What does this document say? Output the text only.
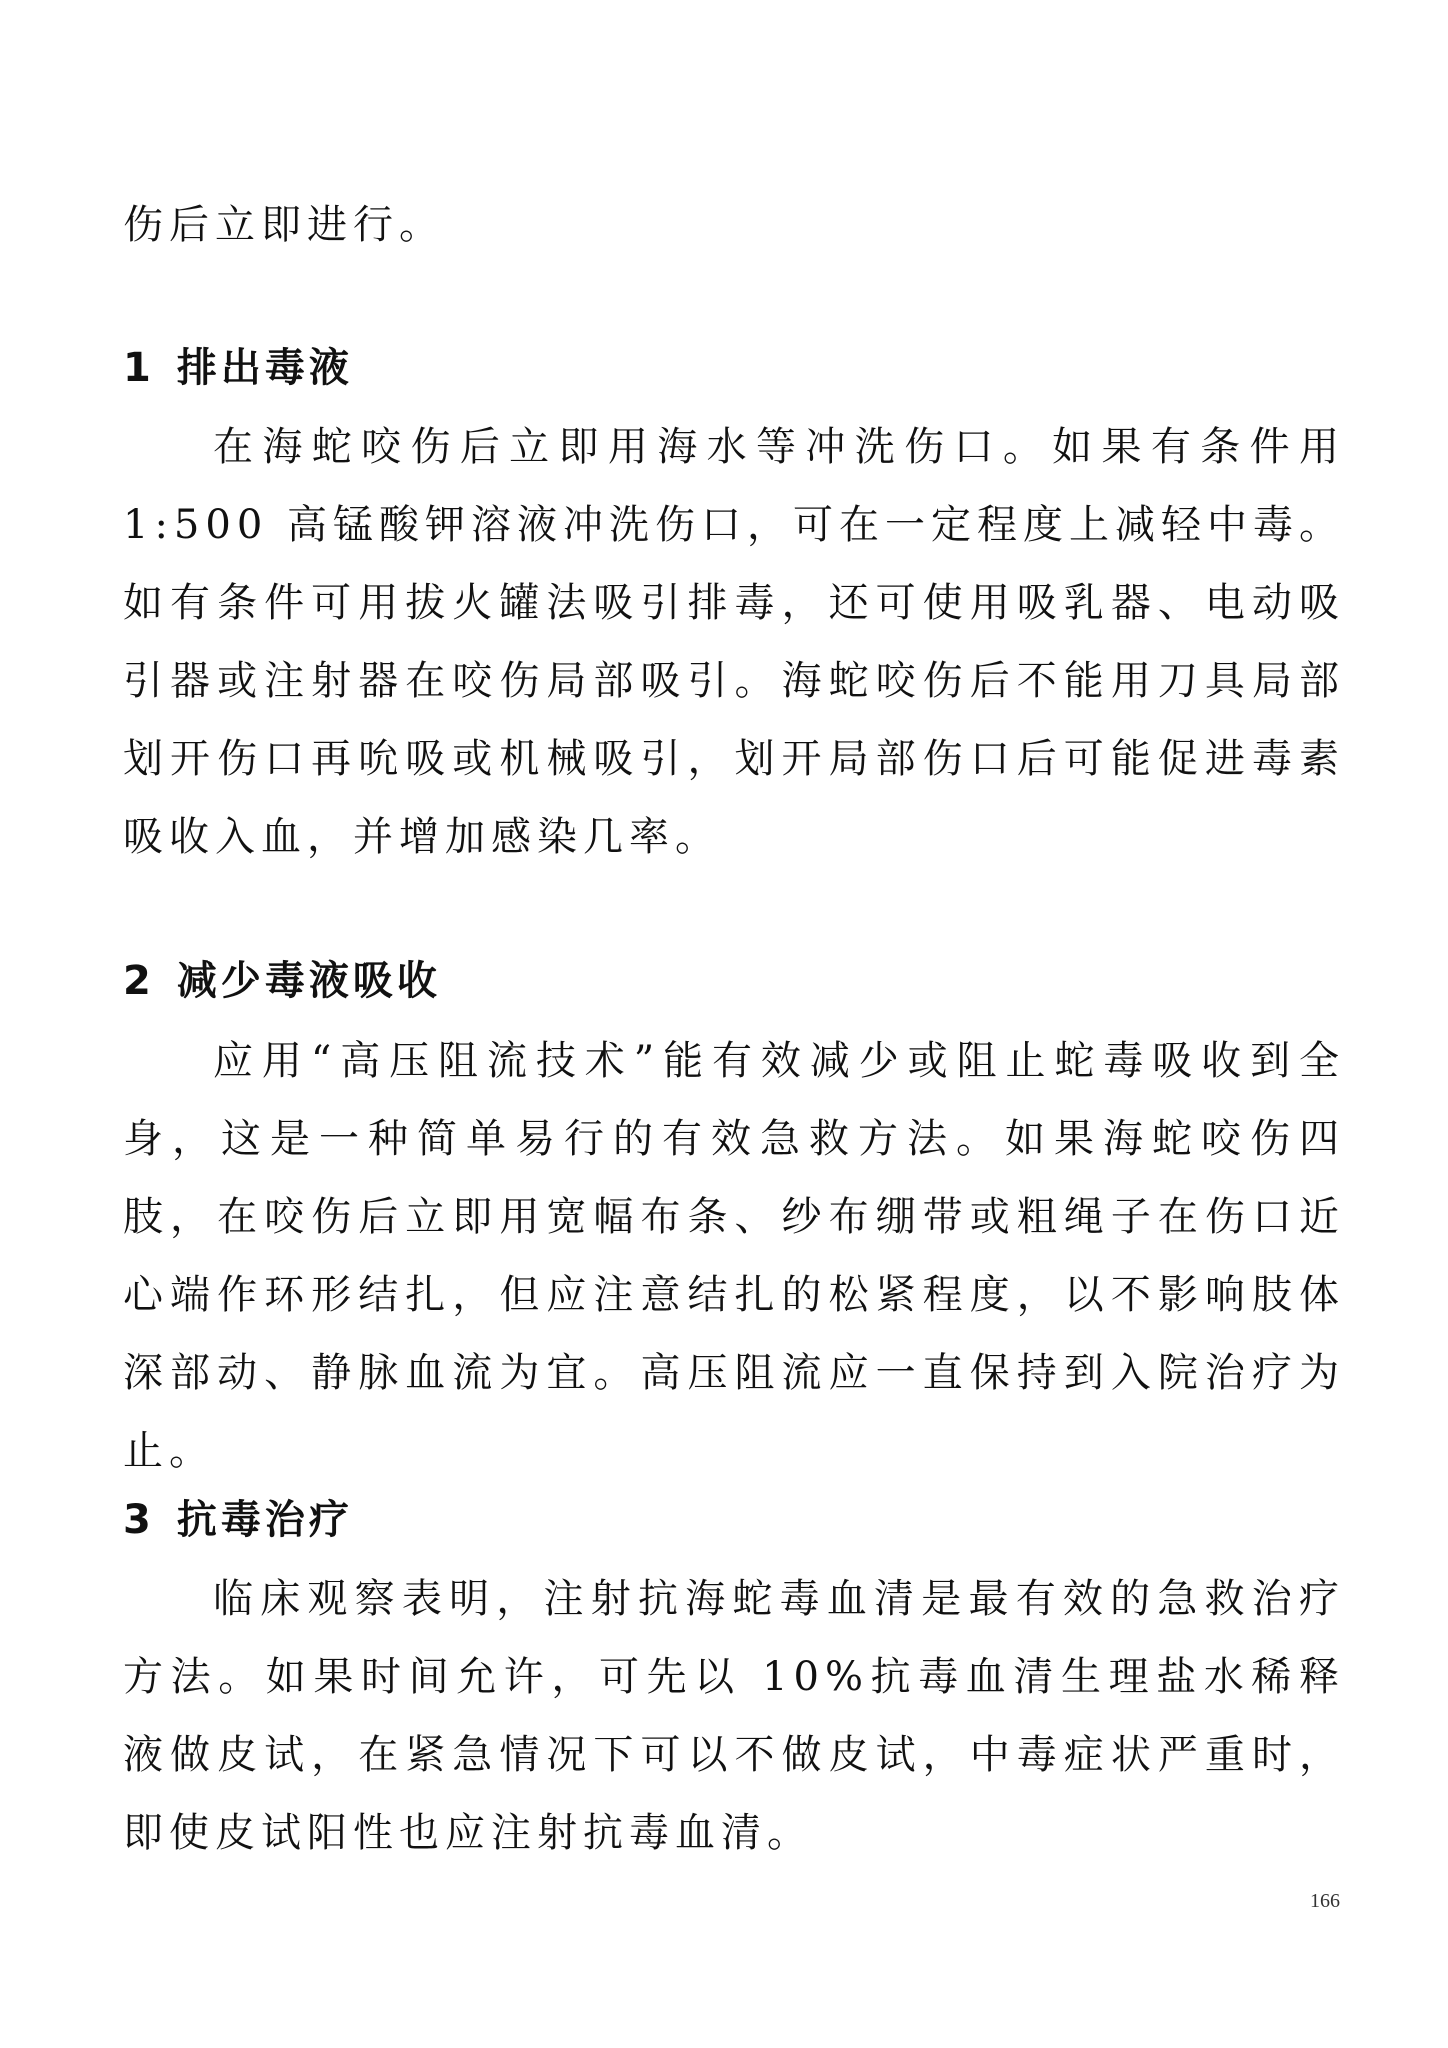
伤后立即进行。

1 排出毒液

在海蛇咬伤后立即用海水等冲洗伤口。如果有条件用 1:500 高锰酸钾溶液冲洗伤口，可在一定程度上减轻中毒。如有条件可用拔火罐法吸引排毒，还可使用吸乳器、电动吸引器或注射器在咬伤局部吸引。海蛇咬伤后不能用刀具局部划开伤口再吮吸或机械吸引，划开局部伤口后可能促进毒素吸收入血，并增加感染几率。

2 减少毒液吸收

应用“高压阻流技术”能有效减少或阻止蛇毒吸收到全身，这是一种简单易行的有效急救方法。如果海蛇咬伤四肢，在咬伤后立即用宽幅布条、纱布绷带或粗绳子在伤口近心端作环形结扎，但应注意结扎的松紧程度，以不影响肢体深部动、静脉血流为宜。高压阻流应一直保持到入院治疗为止。

3 抗毒治疗

临床观察表明，注射抗海蛇毒血清是最有效的急救治疗方法。如果时间允许，可先以 10%抗毒血清生理盐水稀释液做皮试，在紧急情况下可以不做皮试，中毒症状严重时，即使皮试阳性也应注射抗毒血清。

166
